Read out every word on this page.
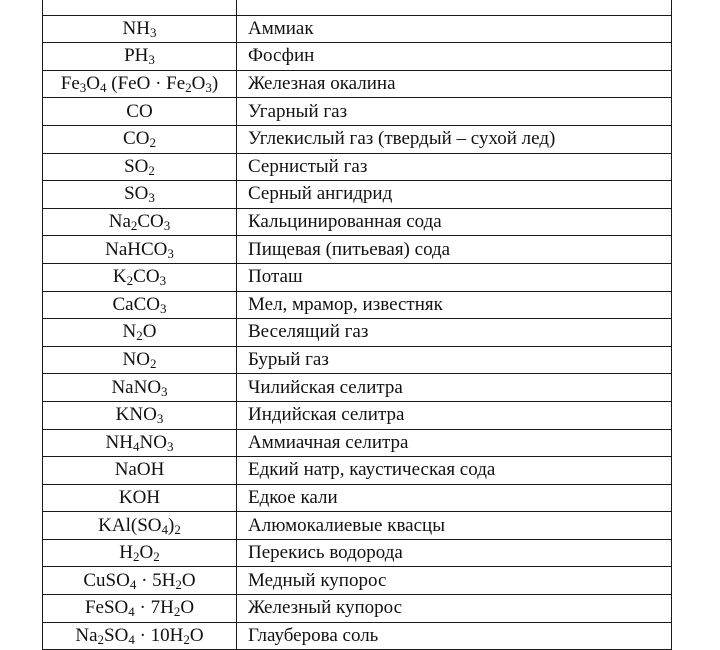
$NH_3$	Аммиак
$PH_3$	Фосфин
$Fe_3O_4$ $(FeO \cdot Fe_2O_3)$	Железная окалина
CO	Угарный газ
$CO_2$	Углекислый газ (твердый – сухой лед)
$SO_2$	Сернистый газ
$SO_3$	Серный ангидрид
$Na_2CO_3$	Кальцинированная сода
NaHCO$_3$	Пищевая (питьевая) сода
$K_2CO_3$	Поташ
CaCO$_3$	Мел, мрамор, известняк
$N_2O$	Веселящий газ
$NO_2$	Бурый газ
NaNO$_3$	Чилийская селитра
$KNO_3$	Индийская селитра
$NH_4NO_3$	Аммиачная селитра
NaOH	Едкий натр, каустическая сода
KOH	Едкое кали
$KAl(SO_4)_2$	Алюмокалиевые квасцы
$H_2O_2$	Перекись водорода
CuSO$_4$ · $5H_2O$	Медный купорос
FeSO$_4$ · $7H_2O$	Железный купорос
$Na_2SO_4 \cdot 10H_2O$	Глауберова соль
